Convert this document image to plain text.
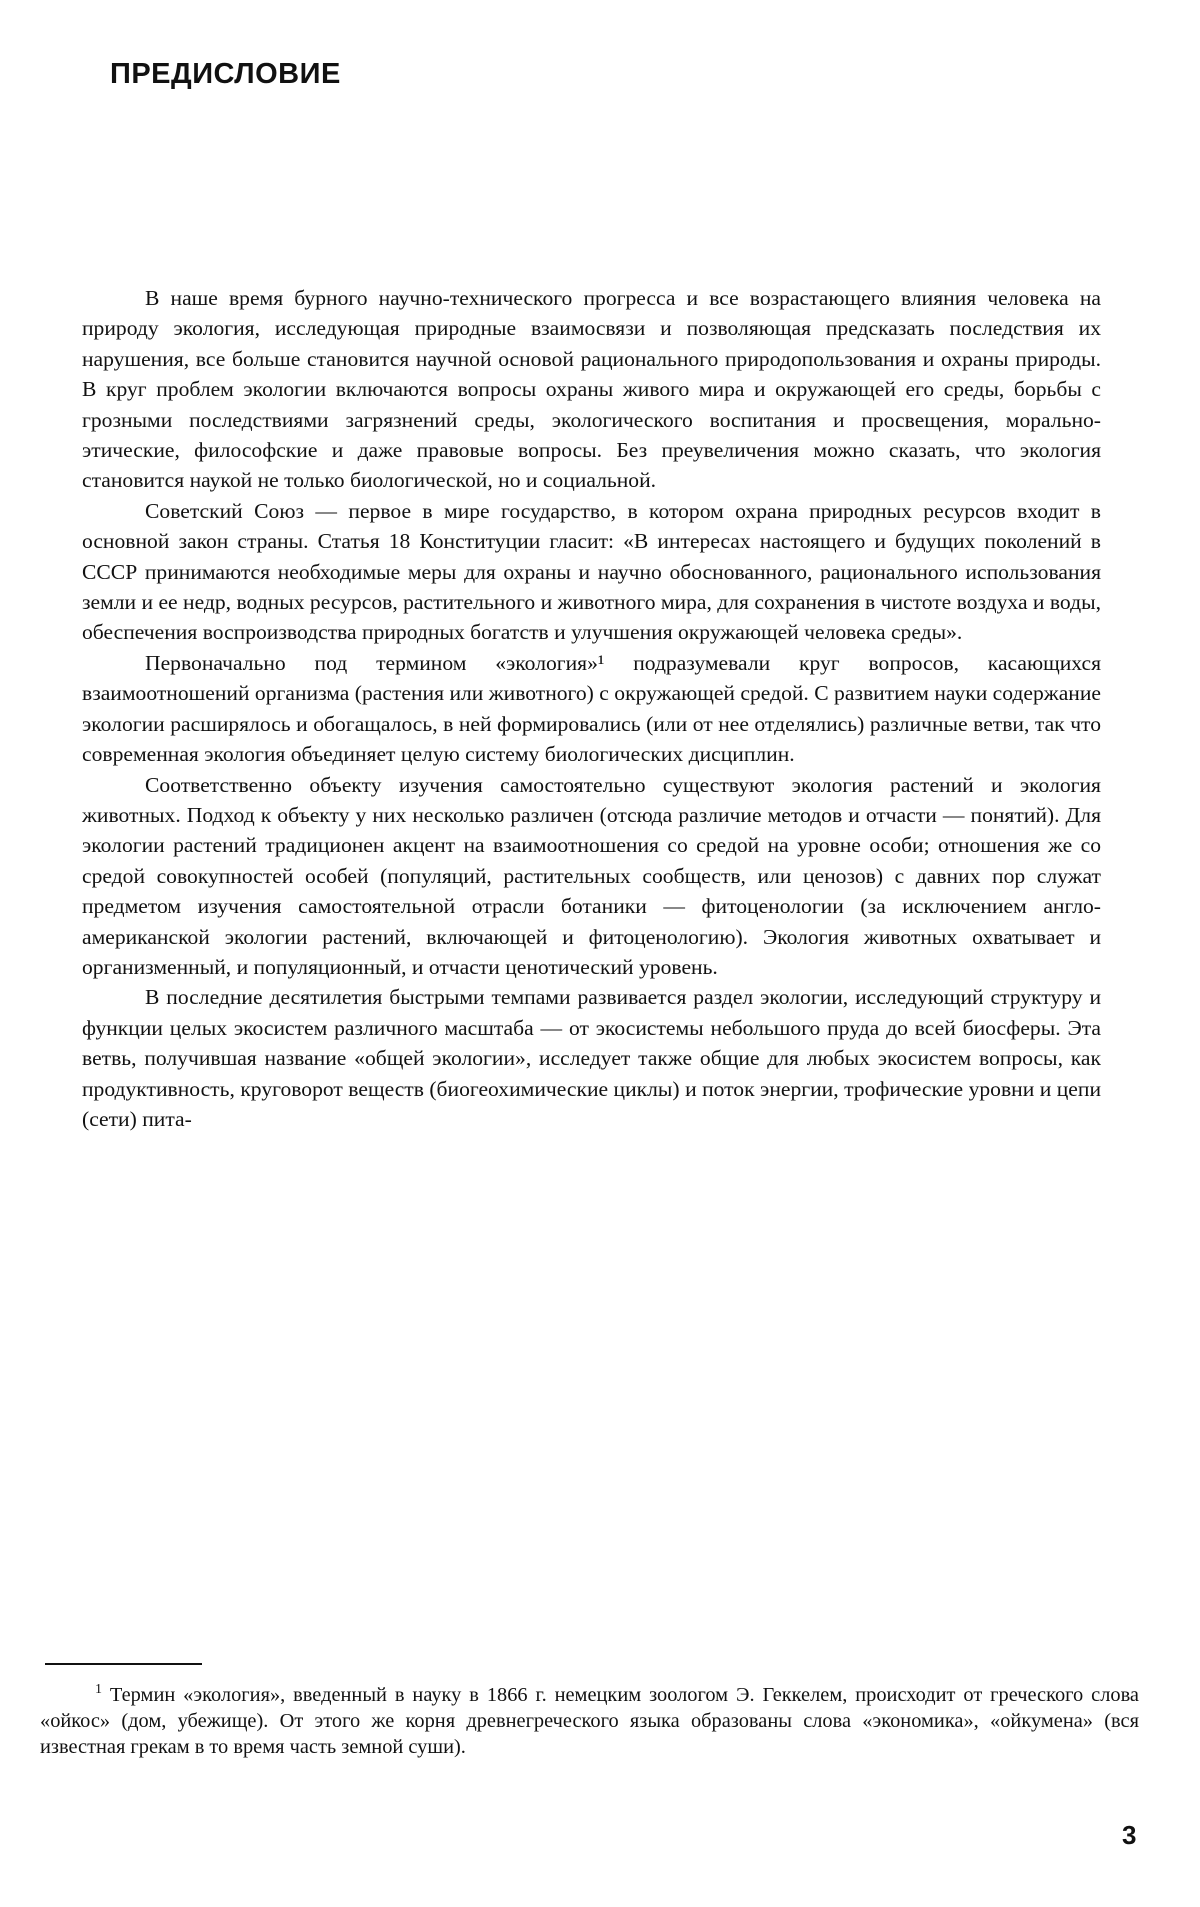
ПРЕДИСЛОВИЕ

В наше время бурного научно-технического прогресса и все возрастающего влияния человека на природу экология, исследующая природные взаимосвязи и позволяющая предсказать последствия их нарушения, все больше становится научной основой рационального природопользования и охраны природы. В круг проблем экологии включаются вопросы охраны живого мира и окружающей его среды, борьбы с грозными последствиями загрязнений среды, экологического воспитания и просвещения, морально-этические, философские и даже правовые вопросы. Без преувеличения можно сказать, что экология становится наукой не только биологической, но и социальной.

Советский Союз — первое в мире государство, в котором охрана природных ресурсов входит в основной закон страны. Статья 18 Конституции гласит: «В интересах настоящего и будущих поколений в СССР принимаются необходимые меры для охраны и научно обоснованного, рационального использования земли и ее недр, водных ресурсов, растительного и животного мира, для сохранения в чистоте воздуха и воды, обеспечения воспроизводства природных богатств и улучшения окружающей человека среды».

Первоначально под термином «экология»¹ подразумевали круг вопросов, касающихся взаимоотношений организма (растения или животного) с окружающей средой. С развитием науки содержание экологии расширялось и обогащалось, в ней формировались (или от нее отделялись) различные ветви, так что современная экология объединяет целую систему биологических дисциплин.

Соответственно объекту изучения самостоятельно существуют экология растений и экология животных. Подход к объекту у них несколько различен (отсюда различие методов и отчасти — понятий). Для экологии растений традиционен акцент на взаимоотношения со средой на уровне особи; отношения же со средой совокупностей особей (популяций, растительных сообществ, или ценозов) с давних пор служат предметом изучения самостоятельной отрасли ботаники — фитоценологии (за исключением англо-американской экологии растений, включающей и фитоценологию). Экология животных охватывает и организменный, и популяционный, и отчасти ценотический уровень.

В последние десятилетия быстрыми темпами развивается раздел экологии, исследующий структуру и функции целых экосистем различного масштаба — от экосистемы небольшого пруда до всей биосферы. Эта ветвь, получившая название «общей экологии», исследует также общие для любых экосистем вопросы, как продуктивность, круговорот веществ (биогеохимические циклы) и поток энергии, трофические уровни и цепи (сети) пита-

1 Термин «экология», введенный в науку в 1866 г. немецким зоологом Э. Геккелем, происходит от греческого слова «ойкос» (дом, убежище). От этого же корня древнегреческого языка образованы слова «экономика», «ойкумена» (вся известная грекам в то время часть земной суши).

3
